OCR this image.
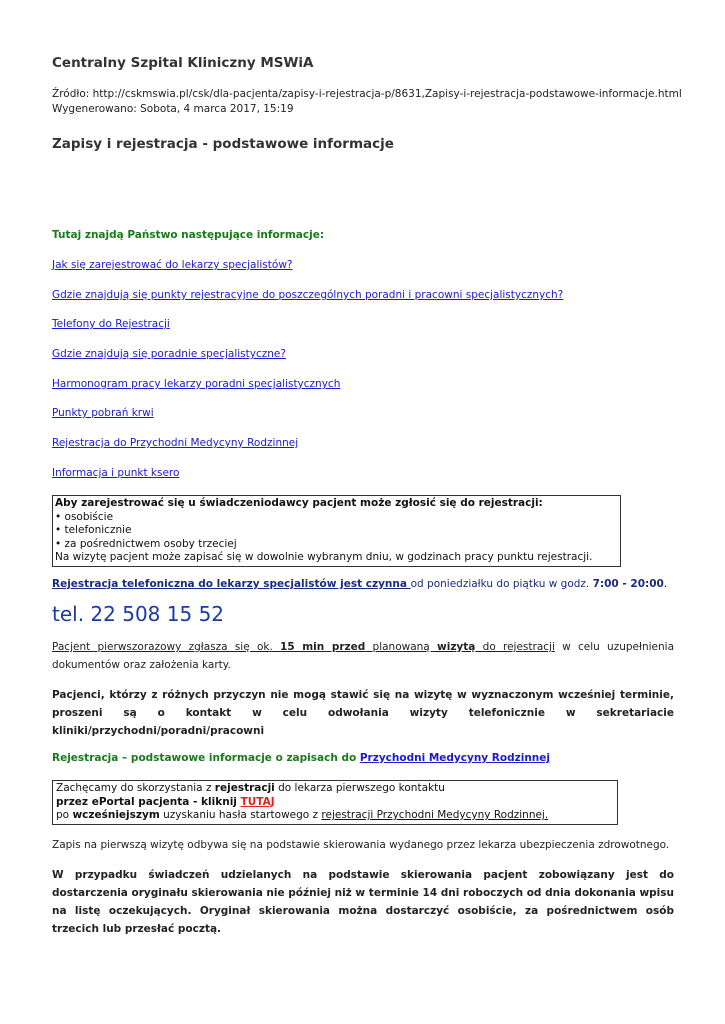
Centralny Szpital Kliniczny MSWiA
Źródło: http://cskmswia.pl/csk/dla-pacjenta/zapisy-i-rejestracja-p/8631,Zapisy-i-rejestracja-podstawowe-informacje.html
Wygenerowano: Sobota, 4 marca 2017, 15:19
Zapisy i rejestracja - podstawowe informacje
Tutaj znajdą Państwo następujące informacje:
Jak się zarejestrować do lekarzy specjalistów?
Gdzie znajdują się punkty rejestracyjne do poszczególnych poradni i pracowni specjalistycznych?
Telefony do Rejestracji
Gdzie znajdują się poradnie specjalistyczne?
Harmonogram pracy lekarzy poradni specjalistycznych
Punkty pobrań krwi
Rejestracja do Przychodni Medycyny Rodzinnej
Informacja i punkt ksero
Aby zarejestrować się u świadczeniodawcy pacjent może zgłosić się do rejestracji:
• osobiście
• telefonicznie
• za pośrednictwem osoby trzeciej
Na wizytę pacjent może zapisać się w dowolnie wybranym dniu, w godzinach pracy punktu rejestracji.
Rejestracja telefoniczna do lekarzy specjalistów jest czynna od poniedziałku do piątku w godz. 7:00 - 20:00.
tel. 22 508 15 52
Pacjent pierwszorazowy zgłasza się ok. 15 min przed planowaną wizytą do rejestracji w celu uzupełnienia dokumentów oraz założenia karty.
Pacjenci, którzy z różnych przyczyn nie mogą stawić się na wizytę w wyznaczonym wcześniej terminie, proszeni są o kontakt w celu odwołania wizyty telefonicznie w sekretariacie kliniki/przychodni/poradni/pracowni
Rejestracja – podstawowe informacje o zapisach do Przychodni Medycyny Rodzinnej
Zachęcamy do skorzystania z rejestracji do lekarza pierwszego kontaktu
przez ePortal pacjenta - kliknij TUTAJ
po wcześniejszym uzyskaniu hasła startowego z rejestracji Przychodni Medycyny Rodzinnej.
Zapis na pierwszą wizytę odbywa się na podstawie skierowania wydanego przez lekarza ubezpieczenia zdrowotnego.
W przypadku świadczeń udzielanych na podstawie skierowania pacjent zobowiązany jest do dostarczenia oryginału skierowania nie później niż w terminie 14 dni roboczych od dnia dokonania wpisu na listę oczekujących. Oryginał skierowania można dostarczyć osobiście, za pośrednictwem osób trzecich lub przesłać pocztą.
